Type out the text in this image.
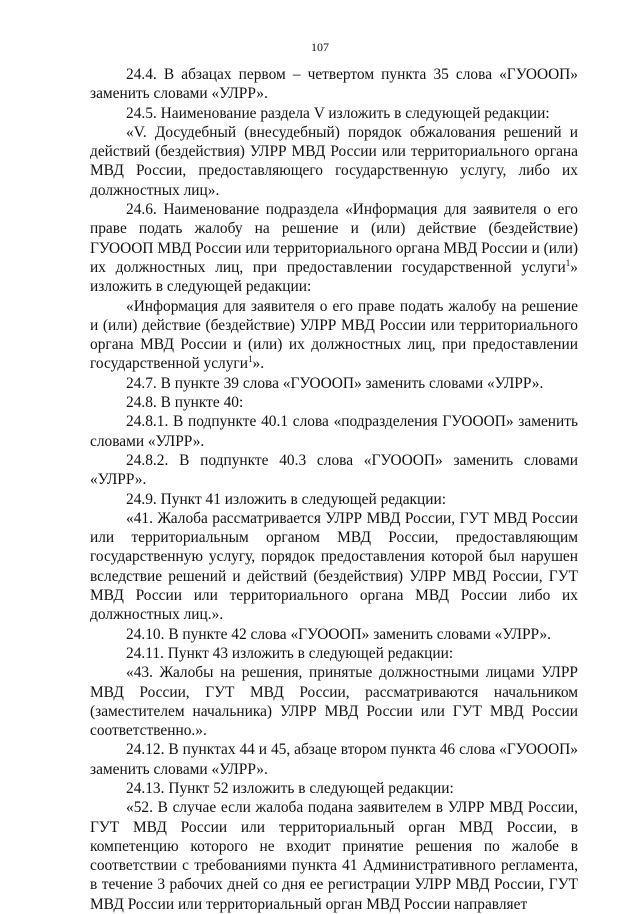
107

24.4. В абзацах первом – четвертом пункта 35 слова «ГУОООП» заменить словами «УЛРР».

24.5. Наименование раздела V изложить в следующей редакции:

«V. Досудебный (внесудебный) порядок обжалования решений и действий (бездействия) УЛРР МВД России или территориального органа МВД России, предоставляющего государственную услугу, либо их должностных лиц».

24.6. Наименование подраздела «Информация для заявителя о его праве подать жалобу на решение и (или) действие (бездействие) ГУОООП МВД России или территориального органа МВД России и (или) их должностных лиц, при предоставлении государственной услуги$^1$» изложить в следующей редакции:

«Информация для заявителя о его праве подать жалобу на решение и (или) действие (бездействие) УЛРР МВД России или территориального органа МВД России и (или) их должностных лиц, при предоставлении государственной услуги$^1$».

24.7. В пункте 39 слова «ГУОООП» заменить словами «УЛРР».

24.8. В пункте 40:

24.8.1. В подпункте 40.1 слова «подразделения ГУОООП» заменить словами «УЛРР».

24.8.2. В подпункте 40.3 слова «ГУОООП» заменить словами «УЛРР».

24.9. Пункт 41 изложить в следующей редакции:

«41. Жалоба рассматривается УЛРР МВД России, ГУТ МВД России или территориальным органом МВД России, предоставляющим государственную услугу, порядок предоставления которой был нарушен вследствие решений и действий (бездействия) УЛРР МВД России, ГУТ МВД России или территориального органа МВД России либо их должностных лиц.».

24.10. В пункте 42 слова «ГУОООП» заменить словами «УЛРР».

24.11. Пункт 43 изложить в следующей редакции:

«43. Жалобы на решения, принятые должностными лицами УЛРР МВД России, ГУТ МВД России, рассматриваются начальником (заместителем начальника) УЛРР МВД России или ГУТ МВД России соответственно.».

24.12. В пунктах 44 и 45, абзаце втором пункта 46 слова «ГУОООП» заменить словами «УЛРР».

24.13. Пункт 52 изложить в следующей редакции:

«52. В случае если жалоба подана заявителем в УЛРР МВД России, ГУТ МВД России или территориальный орган МВД России, в компетенцию которого не входит принятие решения по жалобе в соответствии с требованиями пункта 41 Административного регламента, в течение 3 рабочих дней со дня ее регистрации УЛРР МВД России, ГУТ МВД России или территориальный орган МВД России направляет
